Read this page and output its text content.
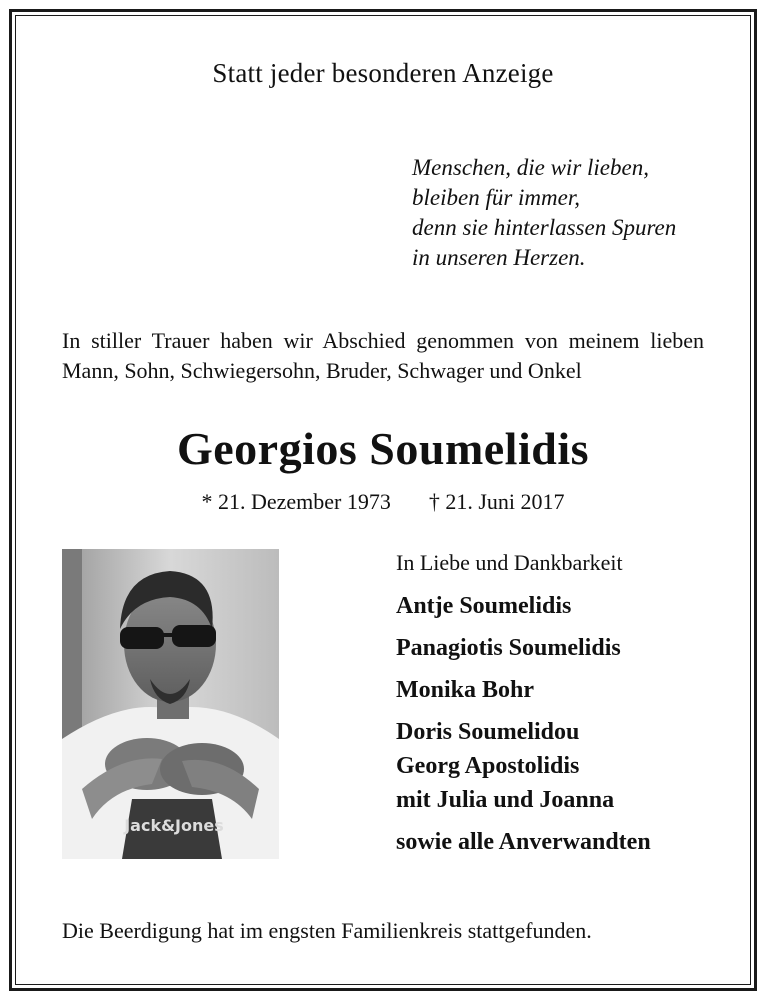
Statt jeder besonderen Anzeige

Menschen, die wir lieben,
bleiben für immer,
denn sie hinterlassen Spuren
in unseren Herzen.

In stiller Trauer haben wir Abschied genommen von meinem lieben Mann, Sohn, Schwiegersohn, Bruder, Schwager und Onkel

Georgios Soumelidis

* 21. Dezember 1973 † 21. Juni 2017

Jack&Jones

In Liebe und Dankbarkeit

Antje Soumelidis
Panagiotis Soumelidis
Monika Bohr
Doris Soumelidou
Georg Apostolidis
mit Julia und Joanna
sowie alle Anverwandten

Die Beerdigung hat im engsten Familienkreis stattgefunden.
